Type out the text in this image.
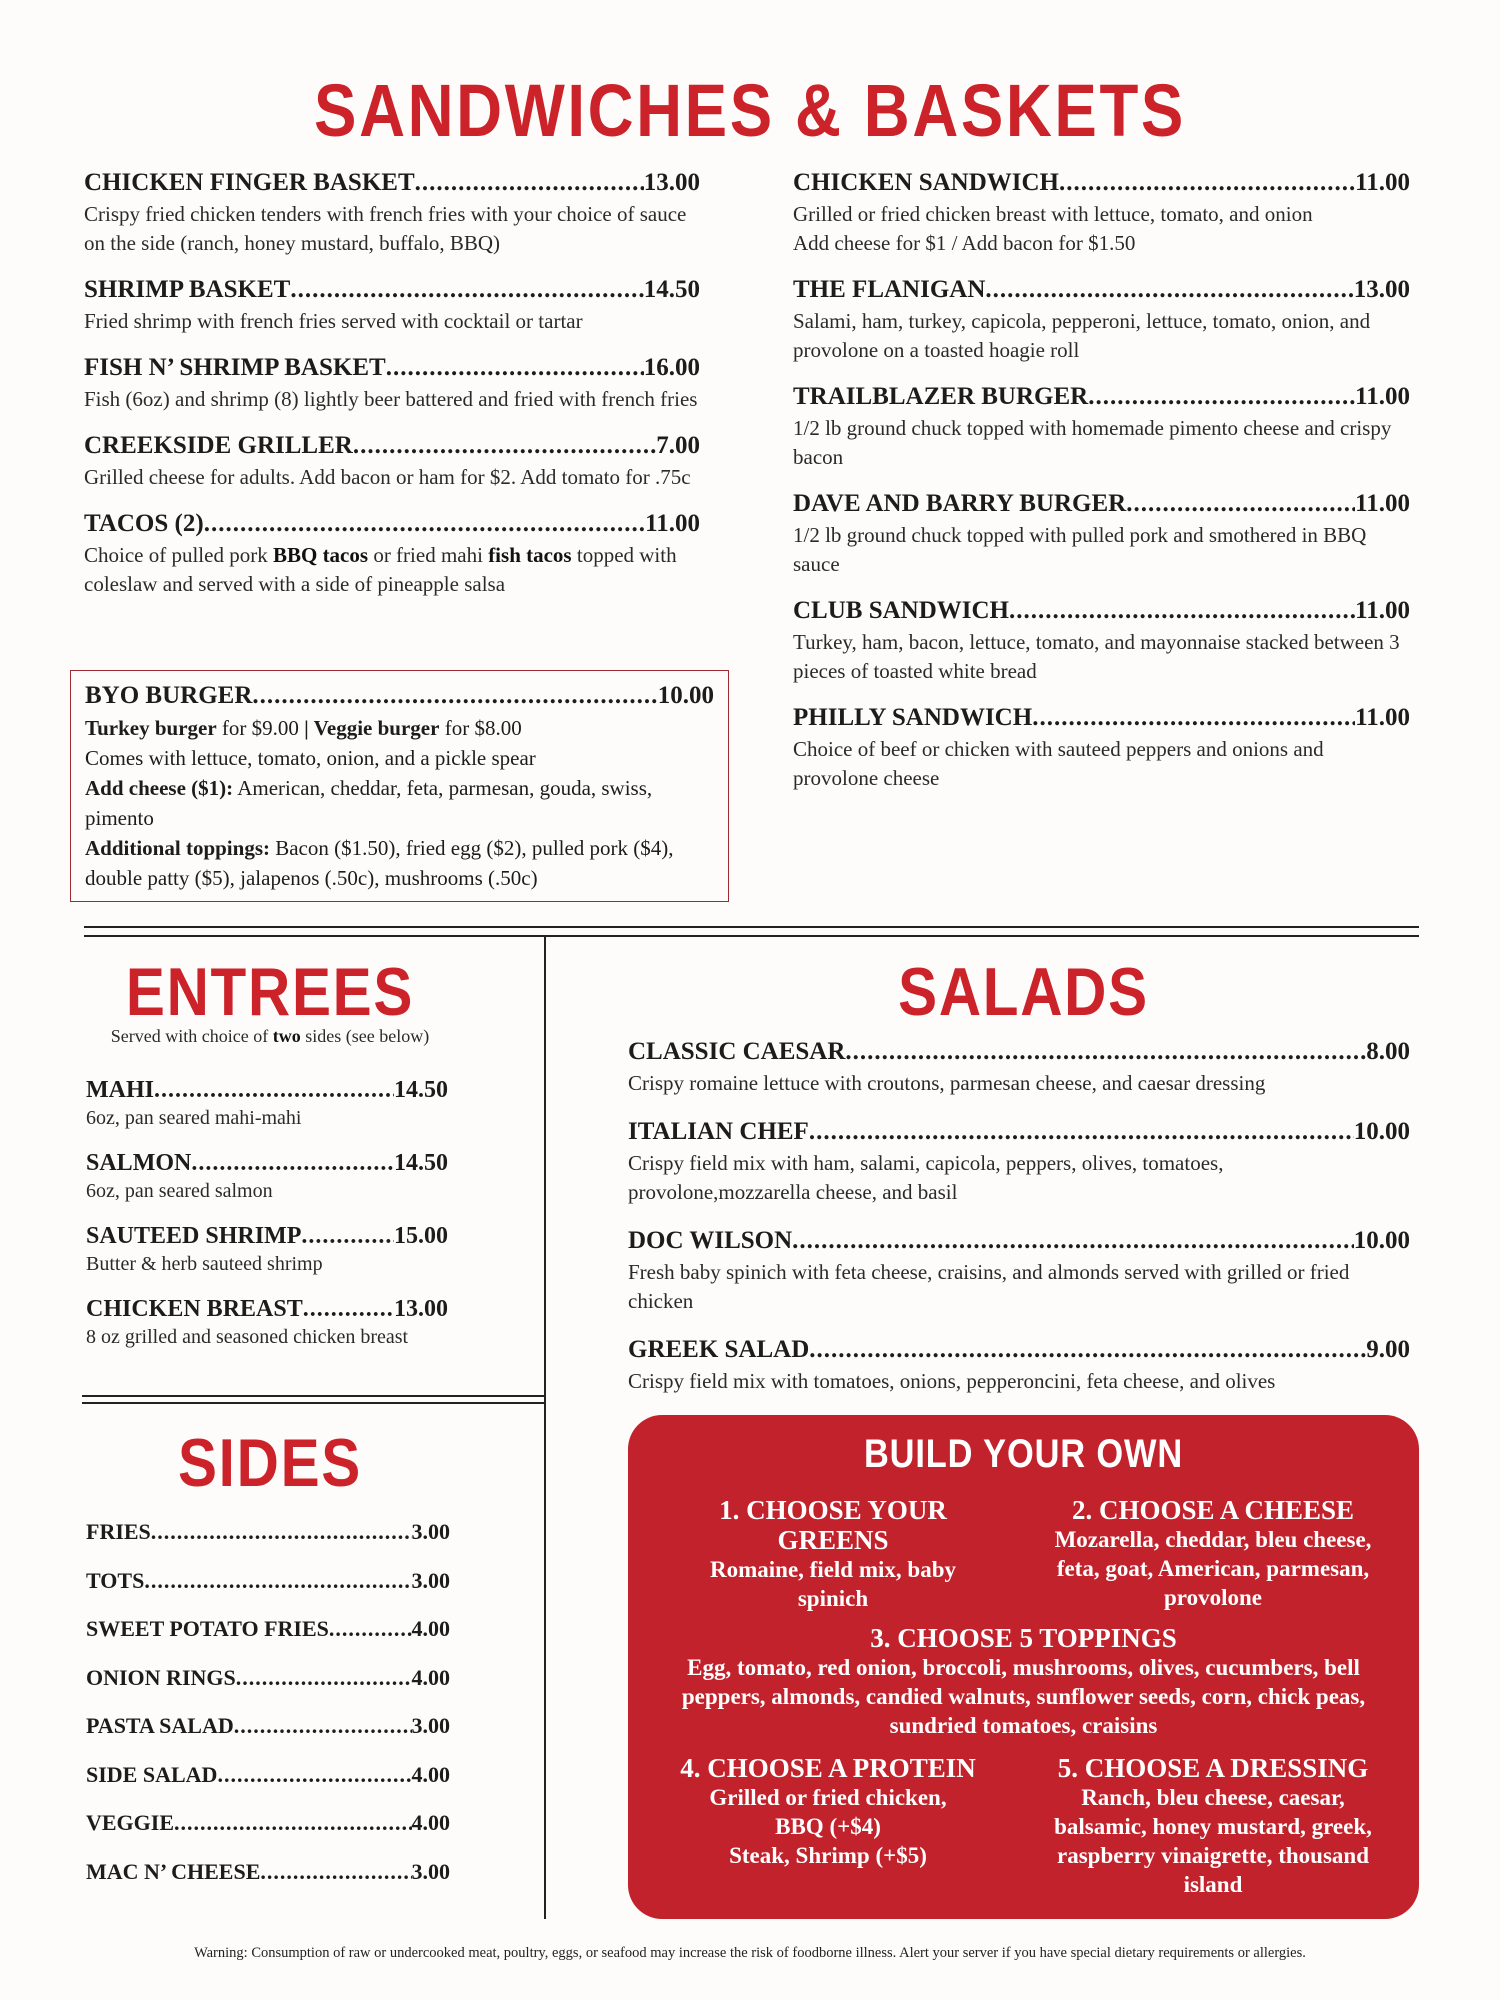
SANDWICHES & BASKETS
CHICKEN FINGER BASKET .....	13.00
Crispy fried chicken tenders with french fries with your choice of sauce on the side (ranch, honey mustard, buffalo, BBQ)
SHRIMP BASKET .....	14.50
Fried shrimp with french fries served with cocktail or tartar
FISH N’ SHRIMP BASKET .....	16.00
Fish (6oz) and shrimp (8) lightly beer battered and fried with french fries
CREEKSIDE GRILLER .....	7.00
Grilled cheese for adults. Add bacon or ham for $2. Add tomato for .75c
TACOS (2) .....	11.00
Choice of pulled pork BBQ tacos or fried mahi fish tacos topped with coleslaw and served with a side of pineapple salsa
CHICKEN SANDWICH .....	11.00
Grilled or fried chicken breast with lettuce, tomato, and onion
Add cheese for $1 / Add bacon for $1.50
THE FLANIGAN .....	13.00
Salami, ham, turkey, capicola, pepperoni, lettuce, tomato, onion, and provolone on a toasted hoagie roll
TRAILBLAZER BURGER .....	11.00
1/2 lb ground chuck topped with homemade pimento cheese and crispy bacon
DAVE AND BARRY BURGER .....	11.00
1/2 lb ground chuck topped with pulled pork and smothered in BBQ sauce
CLUB SANDWICH .....	11.00
Turkey, ham, bacon, lettuce, tomato, and mayonnaise stacked between 3 pieces of toasted white bread
PHILLY SANDWICH .....	11.00
Choice of beef or chicken with sauteed peppers and onions and provolone cheese
BYO BURGER .....	10.00
Turkey burger for $9.00 | Veggie burger for $8.00
Comes with lettuce, tomato, onion, and a pickle spear
Add cheese ($1): American, cheddar, feta, parmesan, gouda, swiss, pimento
Additional toppings: Bacon ($1.50), fried egg ($2), pulled pork ($4), double patty ($5), jalapenos (.50c), mushrooms (.50c)
ENTREES
Served with choice of two sides (see below)
MAHI .....	14.50
6oz, pan seared mahi-mahi
SALMON .....	14.50
6oz, pan seared salmon
SAUTEED SHRIMP .....	15.00
Butter & herb sauteed shrimp
CHICKEN BREAST .....	13.00
8 oz grilled and seasoned chicken breast
SIDES
FRIES .....	3.00
TOTS .....	3.00
SWEET POTATO FRIES .....	4.00
ONION RINGS .....	4.00
PASTA SALAD .....	3.00
SIDE SALAD .....	4.00
VEGGIE .....	4.00
MAC N’ CHEESE .....	3.00
SALADS
CLASSIC CAESAR .....	8.00
Crispy romaine lettuce with croutons, parmesan cheese, and caesar dressing
ITALIAN CHEF .....	10.00
Crispy field mix with ham, salami, capicola, peppers, olives, tomatoes, provolone,mozzarella cheese, and basil
DOC WILSON .....	10.00
Fresh baby spinich with feta cheese, craisins, and almonds served with grilled or fried chicken
GREEK SALAD .....	9.00
Crispy field mix with tomatoes, onions, pepperoncini, feta cheese, and olives
BUILD YOUR OWN
1. CHOOSE YOUR GREENS
Romaine, field mix, baby spinich
2. CHOOSE A CHEESE
Mozarella, cheddar, bleu cheese, feta, goat, American, parmesan, provolone
3. CHOOSE 5 TOPPINGS
Egg, tomato, red onion, broccoli, mushrooms, olives, cucumbers, bell peppers, almonds, candied walnuts, sunflower seeds, corn, chick peas, sundried tomatoes, craisins
4. CHOOSE A PROTEIN
Grilled or fried chicken, BBQ (+$4)
Steak, Shrimp (+$5)
5. CHOOSE A DRESSING
Ranch, bleu cheese, caesar, balsamic, honey mustard, greek, raspberry vinaigrette, thousand island
Warning: Consumption of raw or undercooked meat, poultry, eggs, or seafood may increase the risk of foodborne illness. Alert your server if you have special dietary requirements or allergies.
